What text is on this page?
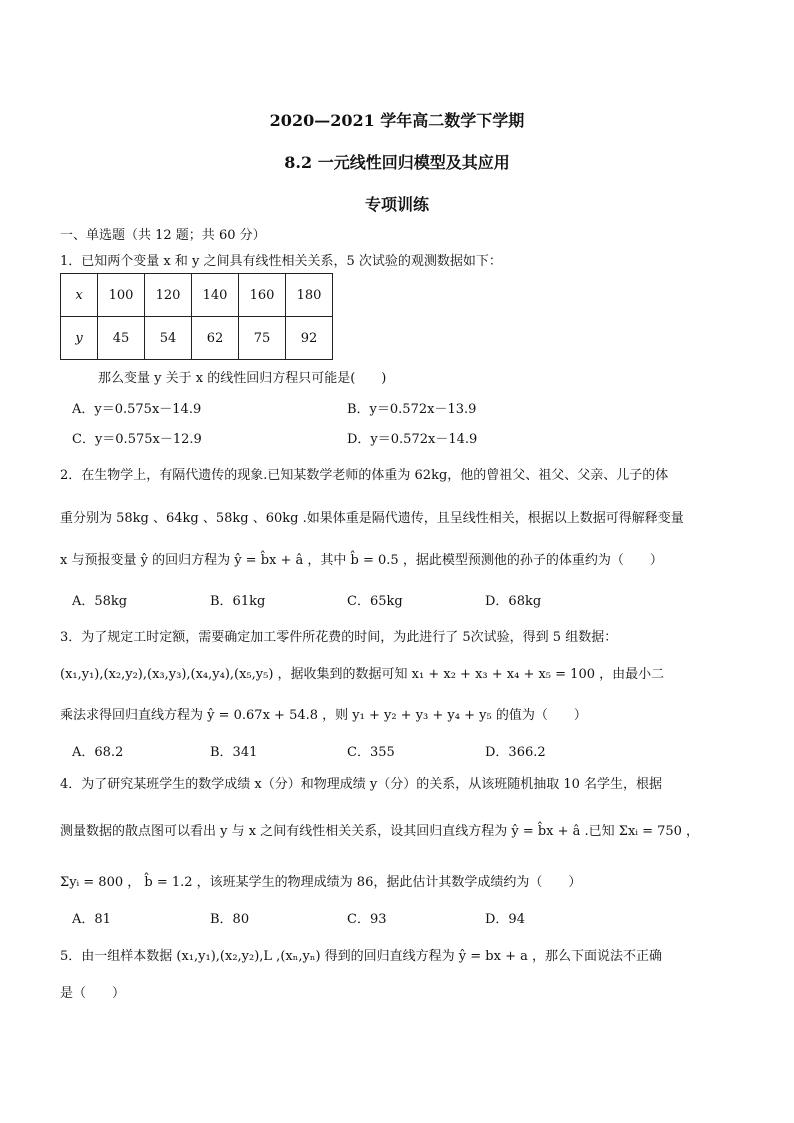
2020—2021 学年高二数学下学期
8.2 一元线性回归模型及其应用
专项训练
一、单选题（共 12 题；共 60 分）
1．已知两个变量 x 和 y 之间具有线性相关关系，5 次试验的观测数据如下：
x	100	120	140	160	180
y	45	54	62	75	92
那么变量 y 关于 x 的线性回归方程只可能是(　　)
A．y＝0.575x－14.9	B．y＝0.572x－13.9
C．y＝0.575x－12.9	D．y＝0.572x－14.9
2．在生物学上，有隔代遗传的现象.已知某数学老师的体重为 62kg，他的曾祖父、祖父、父亲、儿子的体
重分别为 58kg 、64kg 、58kg 、60kg .如果体重是隔代遗传，且呈线性相关，根据以上数据可得解释变量
x 与预报变量 ŷ 的回归方程为 ŷ = b̂x + â ，其中 b̂ = 0.5 ，据此模型预测他的孙子的体重约为（　　）
A．58kg	B．61kg	C．65kg	D．68kg
3．为了规定工时定额，需要确定加工零件所花费的时间，为此进行了 5次试验，得到 5 组数据：
(x₁,y₁),(x₂,y₂),(x₃,y₃),(x₄,y₄),(x₅,y₅) ，据收集到的数据可知 x₁ + x₂ + x₃ + x₄ + x₅ = 100 ，由最小二
乘法求得回归直线方程为 ŷ = 0.67x + 54.8 ，则 y₁ + y₂ + y₃ + y₄ + y₅ 的值为（　　）
A．68.2	B．341	C．355	D．366.2
4．为了研究某班学生的数学成绩 x（分）和物理成绩 y（分）的关系，从该班随机抽取 10 名学生，根据
测量数据的散点图可以看出 y 与 x 之间有线性相关关系，设其回归直线方程为 ŷ = b̂x + â .已知 Σxᵢ = 750 ，
Σyᵢ = 800 ， b̂ = 1.2 ，该班某学生的物理成绩为 86，据此估计其数学成绩约为（　　）
A．81	B．80	C．93	D．94
5．由一组样本数据 (x₁,y₁),(x₂,y₂),L ,(xₙ,yₙ) 得到的回归直线方程为 ŷ = bx + a ，那么下面说法不正确
是（　　）
